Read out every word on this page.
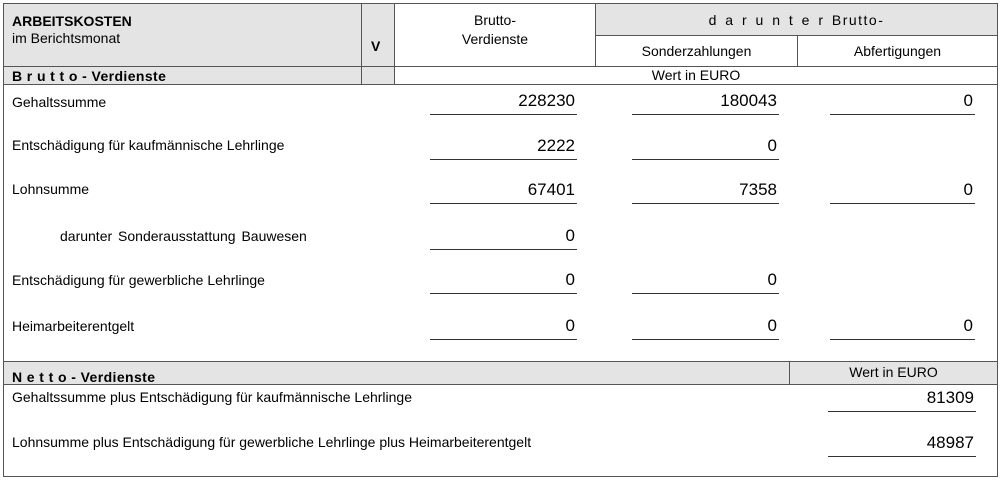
ARBEITSKOSTEN
im Berichtsmonat	V
Brutto-
Verdienste
d a r u n t e r Brutto-
Sonderzahlungen	Abfertigungen
B r u t t o - Verdienste	Wert in EURO
Gehaltssumme	228230	180043	0
Entschädigung für kaufmännische Lehrlinge	2222	0
Lohnsumme	67401	7358	0
darunter Sonderausstattung Bauwesen	0
Entschädigung für gewerbliche Lehrlinge	0	0
Heimarbeiterentgelt	0	0	0
N e t t o - Verdienste	Wert in EURO
Gehaltssumme plus Entschädigung für kaufmännische Lehrlinge	81309
Lohnsumme plus Entschädigung für gewerbliche Lehrlinge plus Heimarbeiterentgelt	48987
